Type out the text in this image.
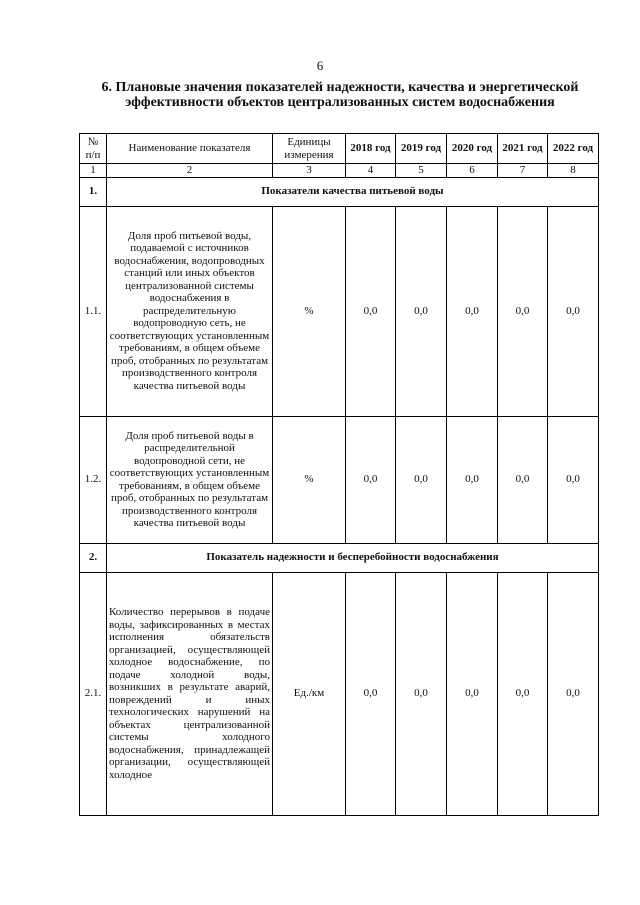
6
6. Плановые значения показателей надежности, качества и энергетической эффективности объектов централизованных систем водоснабжения
№ п/п	Наименование показателя	Единицы измерения	2018 год	2019 год	2020 год	2021 год	2022 год
1	2	3	4	5	6	7	8
1.	Показатели качества питьевой воды						
1.1.	Доля проб питьевой воды, подаваемой с источников водоснабжения, водопроводных станций или иных объектов централизованной системы водоснабжения в распределительную водопроводную сеть, не соответствующих установленным требованиям, в общем объеме проб, отобранных по результатам производственного контроля качества питьевой воды	%	0,0	0,0	0,0	0,0	0,0
1.2.	Доля проб питьевой воды в распределительной водопроводной сети, не соответствующих установленным требованиям, в общем объеме проб, отобранных по результатам производственного контроля качества питьевой воды	%	0,0	0,0	0,0	0,0	0,0
2.	Показатель надежности и бесперебойности водоснабжения						
2.1.	Количество перерывов в подаче воды, зафиксированных в местах исполнения обязательств организацией, осуществляющей холодное водоснабжение, по подаче холодной воды, возникших в результате аварий, повреждений и иных технологических нарушений на объектах централизованной системы холодного водоснабжения, принадлежащей организации, осуществляющей холодное	Ед./км	0,0	0,0	0,0	0,0	0,0
